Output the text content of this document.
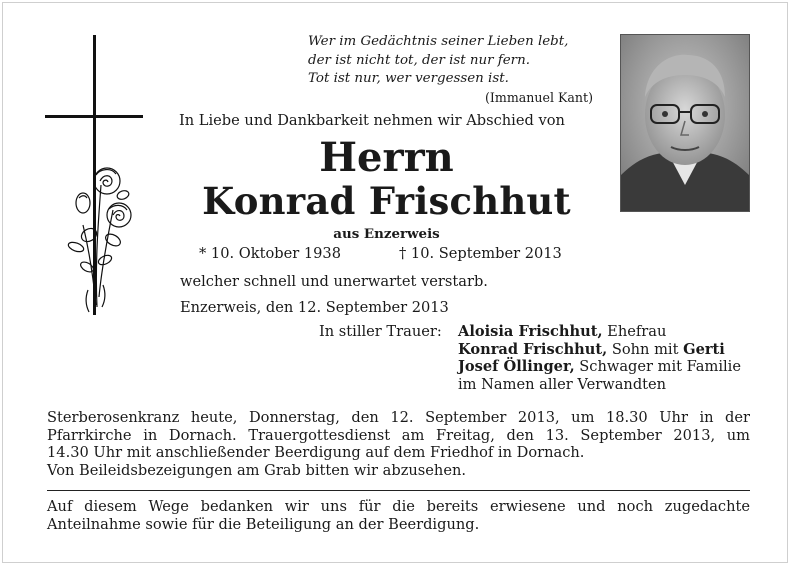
Wer im Gedächtnis seiner Lieben lebt,
der ist nicht tot, der ist nur fern.
Tot ist nur, wer vergessen ist.
(Immanuel Kant)
In Liebe und Dankbarkeit nehmen wir Abschied von
Herrn
Konrad Frischhut
aus Enzerweis
* 10. Oktober 1938	† 10. September 2013
welcher schnell und unerwartet verstarb.
Enzerweis, den 12. September 2013
In stiller Trauer: Aloisia Frischhut, Ehefrau
Konrad Frischhut, Sohn mit Gerti
Josef Öllinger, Schwager mit Familie
im Namen aller Verwandten
Sterberosenkranz heute, Donnerstag, den 12. September 2013, um 18.30 Uhr in der
Pfarrkirche in Dornach. Trauergottesdienst am Freitag, den 13. September 2013, um
14.30 Uhr mit anschließender Beerdigung auf dem Friedhof in Dornach.
Von Beileidsbezeigungen am Grab bitten wir abzusehen.
Auf diesem Wege bedanken wir uns für die bereits erwiesene und noch zugedachte
Anteilnahme sowie für die Beteiligung an der Beerdigung.
